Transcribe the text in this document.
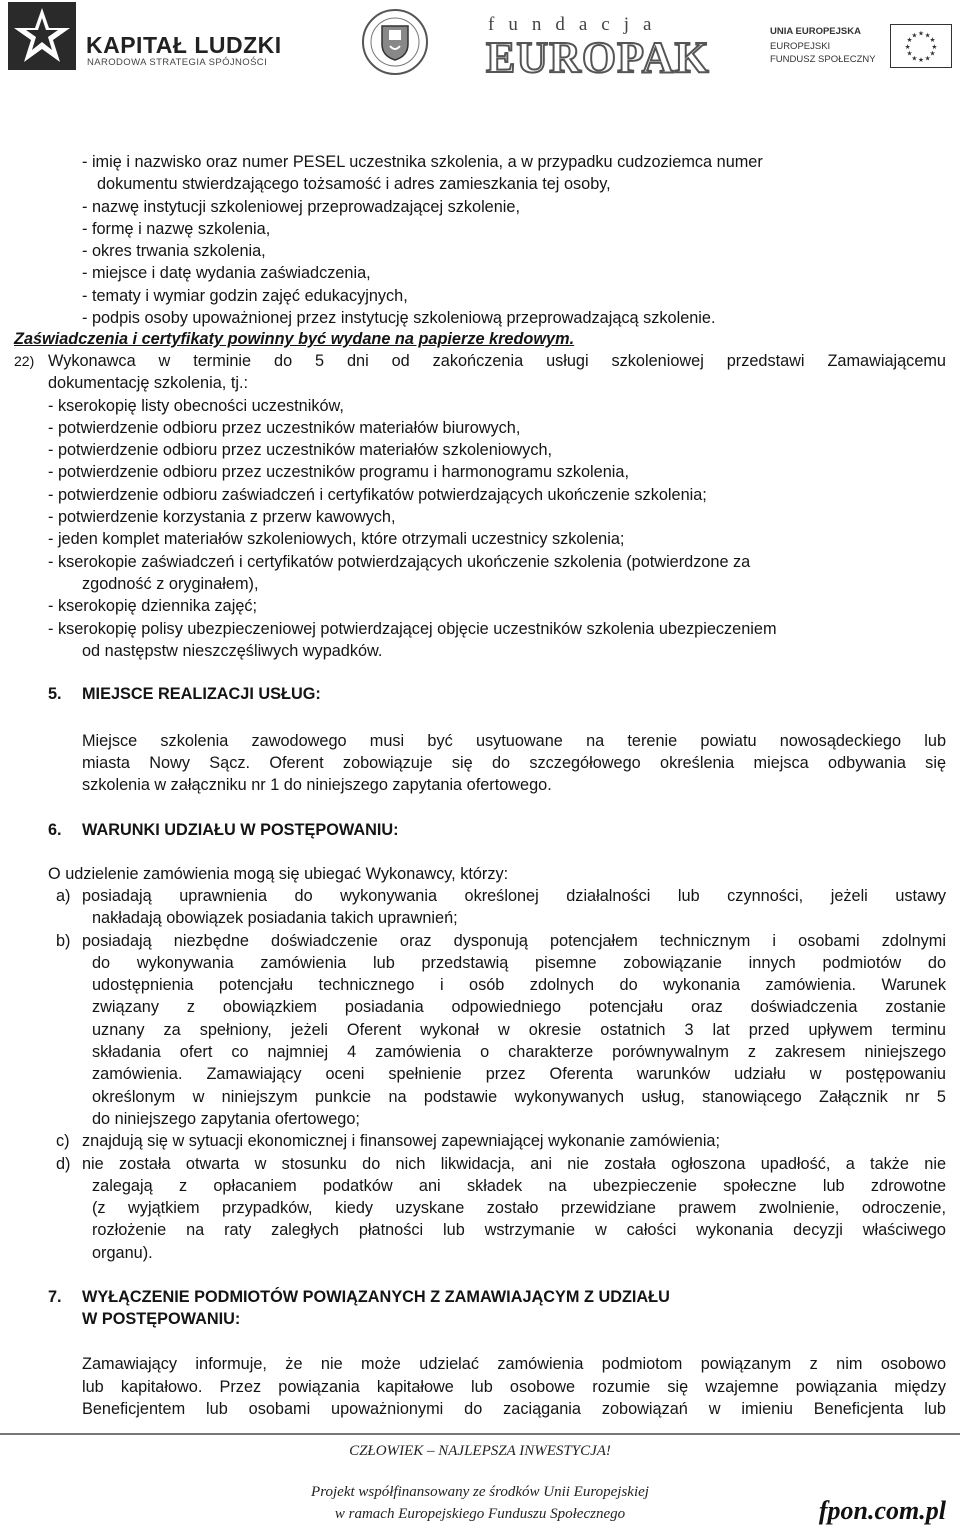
KAPITAŁ LUDZKI
NARODOWA STRATEGIA SPÓJNOŚCI
fundacja
EUROPAK
UNIA EUROPEJSKA
EUROPEJSKI
FUNDUSZ SPOŁECZNY
★ ★
★
★
★
★
★
★
★
★
★
★
- imię i nazwisko oraz numer PESEL uczestnika szkolenia, a w przypadku cudzoziemca numer
dokumentu stwierdzającego tożsamość i adres zamieszkania tej osoby,
- nazwę instytucji szkoleniowej przeprowadzającej szkolenie,
- formę i nazwę szkolenia,
- okres trwania szkolenia,
- miejsce i datę wydania zaświadczenia,
- tematy i wymiar godzin zajęć edukacyjnych,
- podpis osoby upoważnionej przez instytucję szkoleniową przeprowadzającą szkolenie.
Zaświadczenia i certyfikaty powinny być wydane na papierze kredowym.
22) Wykonawca w terminie do 5 dni od zakończenia usługi szkoleniowej przedstawi Zamawiającemu
dokumentację szkolenia, tj.:
- kserokopię listy obecności uczestników,
- potwierdzenie odbioru przez uczestników materiałów biurowych,
- potwierdzenie odbioru przez uczestników materiałów szkoleniowych,
- potwierdzenie odbioru przez uczestników programu i harmonogramu szkolenia,
- potwierdzenie odbioru zaświadczeń i certyfikatów potwierdzających ukończenie szkolenia;
- potwierdzenie korzystania z przerw kawowych,
- jeden komplet materiałów szkoleniowych, które otrzymali uczestnicy szkolenia;
- kserokopie zaświadczeń i certyfikatów potwierdzających ukończenie szkolenia (potwierdzone za
zgodność z oryginałem),
- kserokopię dziennika zajęć;
- kserokopię polisy ubezpieczeniowej potwierdzającej objęcie uczestników szkolenia ubezpieczeniem
od następstw nieszczęśliwych wypadków.
5. MIEJSCE REALIZACJI USŁUG:
Miejsce szkolenia zawodowego musi być usytuowane na terenie powiatu nowosądeckiego lub
miasta Nowy Sącz. Oferent zobowiązuje się do szczegółowego określenia miejsca odbywania się
szkolenia w załączniku nr 1 do niniejszego zapytania ofertowego.
6. WARUNKI UDZIAŁU W POSTĘPOWANIU:
O udzielenie zamówienia mogą się ubiegać Wykonawcy, którzy:
a) posiadają uprawnienia do wykonywania określonej działalności lub czynności, jeżeli ustawy
nakładają obowiązek posiadania takich uprawnień;
b) posiadają niezbędne doświadczenie oraz dysponują potencjałem technicznym i osobami zdolnymi
do wykonywania zamówienia lub przedstawią pisemne zobowiązanie innych podmiotów do
udostępnienia potencjału technicznego i osób zdolnych do wykonania zamówienia. Warunek
związany z obowiązkiem posiadania odpowiedniego potencjału oraz doświadczenia zostanie
uznany za spełniony, jeżeli Oferent wykonał w okresie ostatnich 3 lat przed upływem terminu
składania ofert co najmniej 4 zamówienia o charakterze porównywalnym z zakresem niniejszego
zamówienia. Zamawiający oceni spełnienie przez Oferenta warunków udziału w postępowaniu
określonym w niniejszym punkcie na podstawie wykonywanych usług, stanowiącego Załącznik nr 5
do niniejszego zapytania ofertowego;
c) znajdują się w sytuacji ekonomicznej i finansowej zapewniającej wykonanie zamówienia;
d) nie została otwarta w stosunku do nich likwidacja, ani nie została ogłoszona upadłość, a także nie
zalegają z opłacaniem podatków ani składek na ubezpieczenie społeczne lub zdrowotne
(z wyjątkiem przypadków, kiedy uzyskane zostało przewidziane prawem zwolnienie, odroczenie,
rozłożenie na raty zaległych płatności lub wstrzymanie w całości wykonania decyzji właściwego
organu).
7. WYŁĄCZENIE PODMIOTÓW POWIĄZANYCH Z ZAMAWIAJĄCYM Z UDZIAŁU
W POSTĘPOWANIU:
Zamawiający informuje, że nie może udzielać zamówienia podmiotom powiązanym z nim osobowo
lub kapitałowo. Przez powiązania kapitałowe lub osobowe rozumie się wzajemne powiązania między
Beneficjentem lub osobami upoważnionymi do zaciągania zobowiązań w imieniu Beneficjenta lub
CZŁOWIEK – NAJLEPSZA INWESTYCJA!
Projekt współfinansowany ze środków Unii Europejskiej
w ramach Europejskiego Funduszu Społecznego	fpon.com.pl
